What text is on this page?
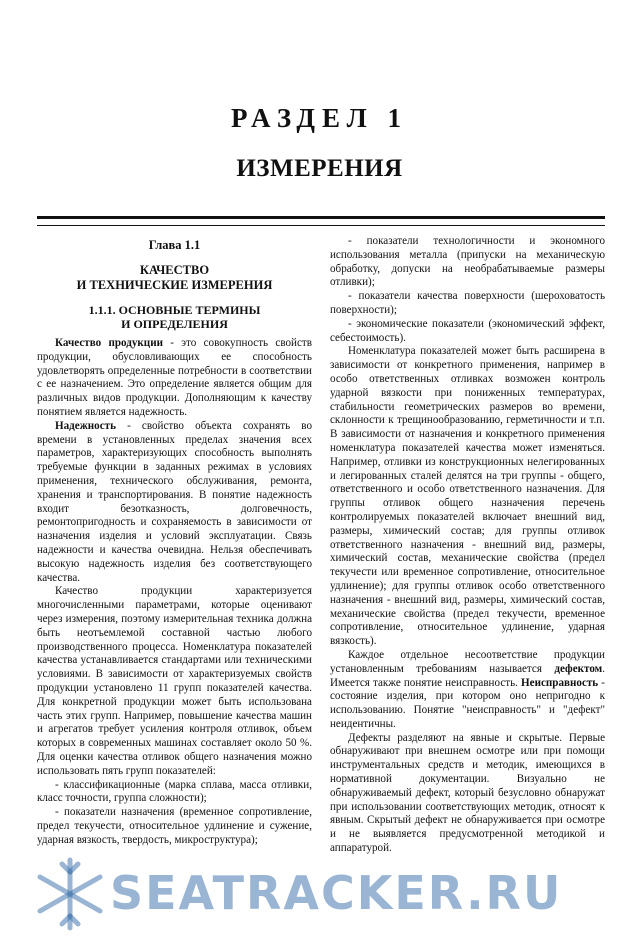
РАЗДЕЛ 1
ИЗМЕРЕНИЯ
Глава 1.1
КАЧЕСТВО
И ТЕХНИЧЕСКИЕ ИЗМЕРЕНИЯ
1.1.1. ОСНОВНЫЕ ТЕРМИНЫ
И ОПРЕДЕЛЕНИЯ

Качество продукции - это совокупность свойств продукции, обусловливающих ее способность удовлетворять определенные потребности в соответствии с ее назначением. Это определение является общим для различных видов продукции. Дополняющим к качеству понятием является надежность.

Надежность - свойство объекта сохранять во времени в установленных пределах значения всех параметров, характеризующих способность выполнять требуемые функции в заданных режимах в условиях применения, технического обслуживания, ремонта, хранения и транспортирования. В понятие надежность входит безотказность, долговечность, ремонтопригодность и сохраняемость в зависимости от назначения изделия и условий эксплуатации. Связь надежности и качества очевидна. Нельзя обеспечивать высокую надежность изделия без соответствующего качества.

Качество продукции характеризуется многочисленными параметрами, которые оценивают через измерения, поэтому измерительная техника должна быть неотъемлемой составной частью любого производственного процесса. Номенклатура показателей качества устанавливается стандартами или техническими условиями. В зависимости от характеризуемых свойств продукции установлено 11 групп показателей качества. Для конкретной продукции может быть использована часть этих групп. Например, повышение качества машин и агрегатов требует усиления контроля отливок, объем которых в современных машинах составляет около 50 %. Для оценки качества отливок общего назначения можно использовать пять групп показателей:

- классификационные (марка сплава, масса отливки, класс точности, группа сложности);

- показатели назначения (временное сопротивление, предел текучести, относительное удлинение и сужение, ударная вязкость, твердость, микроструктура);

- показатели технологичности и экономного использования металла (припуски на механическую обработку, допуски на необрабатываемые размеры отливки);

- показатели качества поверхности (шероховатость поверхности);

- экономические показатели (экономический эффект, себестоимость).

Номенклатура показателей может быть расширена в зависимости от конкретного применения, например в особо ответственных отливках возможен контроль ударной вязкости при пониженных температурах, стабильности геометрических размеров во времени, склонности к трещинообразованию, герметичности и т.п. В зависимости от назначения и конкретного применения номенклатура показателей качества может изменяться. Например, отливки из конструкционных нелегированных и легированных сталей делятся на три группы - общего, ответственного и особо ответственного назначения. Для группы отливок общего назначения перечень контролируемых показателей включает внешний вид, размеры, химический состав; для группы отливок ответственного назначения - внешний вид, размеры, химический состав, механические свойства (предел текучести или временное сопротивление, относительное удлинение); для группы отливок особо ответственного назначения - внешний вид, размеры, химический состав, механические свойства (предел текучести, временное сопротивление, относительное удлинение, ударная вязкость).

Каждое отдельное несоответствие продукции установленным требованиям называется дефектом. Имеется также понятие неисправность. Неисправность - состояние изделия, при котором оно непригодно к использованию. Понятие "неисправность" и "дефект" неидентичны.

Дефекты разделяют на явные и скрытые. Первые обнаруживают при внешнем осмотре или при помощи инструментальных средств и методик, имеющихся в нормативной документации. Визуально не обнаруживаемый дефект, который безусловно обнаружат при использовании соответствующих методик, относят к явным. Скрытый дефект не обнаруживается при осмотре и не выявляется предусмотренной методикой и аппаратурой.

SEATRACKER.RU
